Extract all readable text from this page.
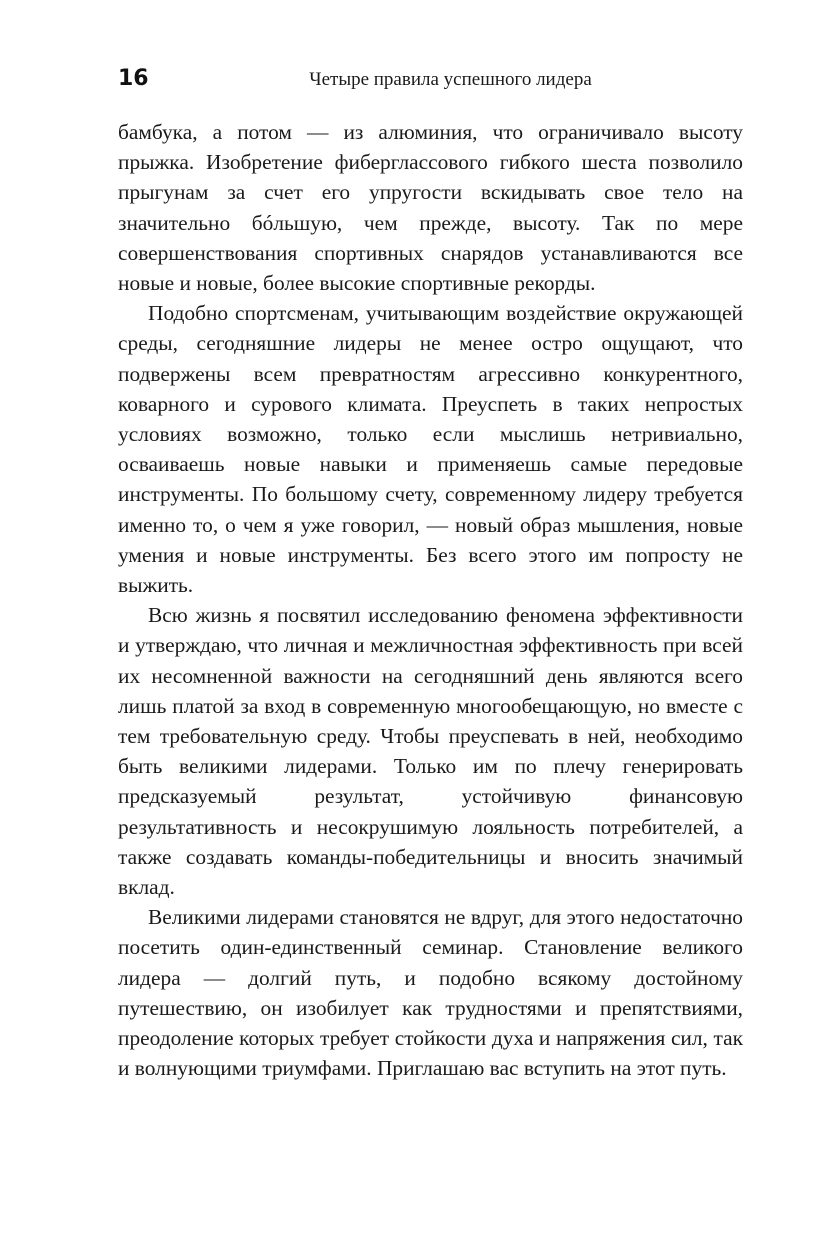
16	Четыре правила успешного лидера

бамбука, а потом — из алюминия, что ограничивало высоту прыжка. Изобретение фиберглассового гибкого шеста позволило прыгунам за счет его упругости вскидывать свое тело на значительно бóльшую, чем прежде, высоту. Так по мере совершенствования спортивных снарядов устанавливаются все новые и новые, более высокие спортивные рекорды.

Подобно спортсменам, учитывающим воздействие окружающей среды, сегодняшние лидеры не менее остро ощущают, что подвержены всем превратностям агрессивно конкурентного, коварного и сурового климата. Преуспеть в таких непростых условиях возможно, только если мыслишь нетривиально, осваиваешь новые навыки и применяешь самые передовые инструменты. По большому счету, современному лидеру требуется именно то, о чем я уже говорил, — новый образ мышления, новые умения и новые инструменты. Без всего этого им попросту не выжить.

Всю жизнь я посвятил исследованию феномена эффективности и утверждаю, что личная и межличностная эффективность при всей их несомненной важности на сегодняшний день являются всего лишь платой за вход в современную многообещающую, но вместе с тем требовательную среду. Чтобы преуспевать в ней, необходимо быть великими лидерами. Только им по плечу генерировать предсказуемый результат, устойчивую финансовую результативность и несокрушимую лояльность потребителей, а также создавать команды-победительницы и вносить значимый вклад.

Великими лидерами становятся не вдруг, для этого недостаточно посетить один-единственный семинар. Становление великого лидера — долгий путь, и подобно всякому достойному путешествию, он изобилует как трудностями и препятствиями, преодоление которых требует стойкости духа и напряжения сил, так и волнующими триумфами. Приглашаю вас вступить на этот путь.
